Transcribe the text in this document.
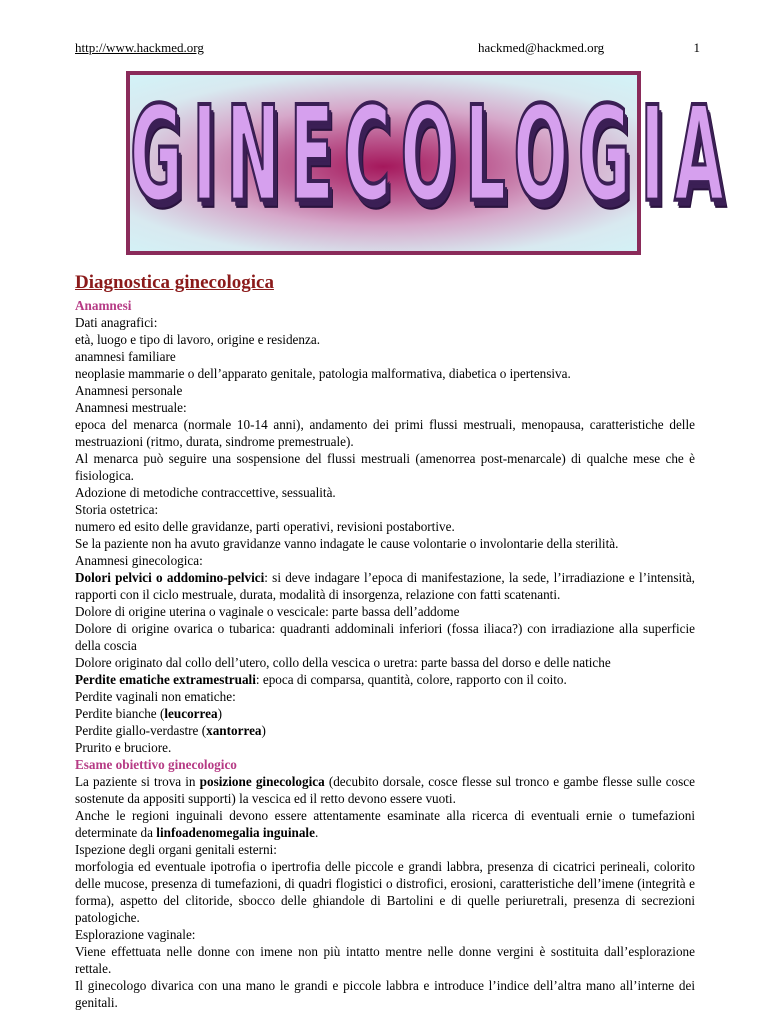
http://www.hackmed.org	hackmed@hackmed.org	1
GINECOLOGIA
Diagnostica ginecologica
Anamnesi

Dati anagrafici:

età, luogo e tipo di lavoro, origine e residenza.

anamnesi familiare

neoplasie mammarie o dell’apparato genitale, patologia malformativa, diabetica o ipertensiva.

Anamnesi personale

Anamnesi mestruale:

epoca del menarca (normale 10-14 anni), andamento dei primi flussi mestruali, menopausa, caratteristiche delle mestruazioni (ritmo, durata, sindrome premestruale).

Al menarca può seguire una sospensione del flussi mestruali (amenorrea post-menarcale) di qualche mese che è fisiologica.

Adozione di metodiche contraccettive, sessualità.

Storia ostetrica:

numero ed esito delle gravidanze, parti operativi, revisioni postabortive.

Se la paziente non ha avuto gravidanze vanno indagate le cause volontarie o involontarie della sterilità.

Anamnesi ginecologica:

Dolori pelvici o addomino-pelvici: si deve indagare l’epoca di manifestazione, la sede, l’irradiazione e l’intensità, rapporti con il ciclo mestruale, durata, modalità di insorgenza, relazione con fatti scatenanti.

Dolore di origine uterina o vaginale o vescicale: parte bassa dell’addome

Dolore di origine ovarica o tubarica: quadranti addominali inferiori (fossa iliaca?) con irradiazione alla superficie della coscia

Dolore originato dal collo dell’utero, collo della vescica o uretra: parte bassa del dorso e delle natiche

Perdite ematiche extramestruali: epoca di comparsa, quantità, colore, rapporto con il coito.

Perdite vaginali non ematiche:

Perdite bianche (leucorrea)

Perdite giallo-verdastre (xantorrea)

Prurito e bruciore.

Esame obiettivo ginecologico

La paziente si trova in posizione ginecologica (decubito dorsale, cosce flesse sul tronco e gambe flesse sulle cosce sostenute da appositi supporti) la vescica ed il retto devono essere vuoti.

Anche le regioni inguinali devono essere attentamente esaminate alla ricerca di eventuali ernie o tumefazioni determinate da linfoadenomegalia inguinale.

Ispezione degli organi genitali esterni:

morfologia ed eventuale ipotrofia o ipertrofia delle piccole e grandi labbra, presenza di cicatrici perineali, colorito delle mucose, presenza di tumefazioni, di quadri flogistici o distrofici, erosioni, caratteristiche dell’imene (integrità e forma), aspetto del clitoride, sbocco delle ghiandole di Bartolini e di quelle periuretrali, presenza di secrezioni patologiche.

Esplorazione vaginale:

Viene effettuata nelle donne con imene non più intatto mentre nelle donne vergini è sostituita dall’esplorazione rettale.

Il ginecologo divarica con una mano le grandi e piccole labbra e introduce l’indice dell’altra mano all’interne dei genitali.
